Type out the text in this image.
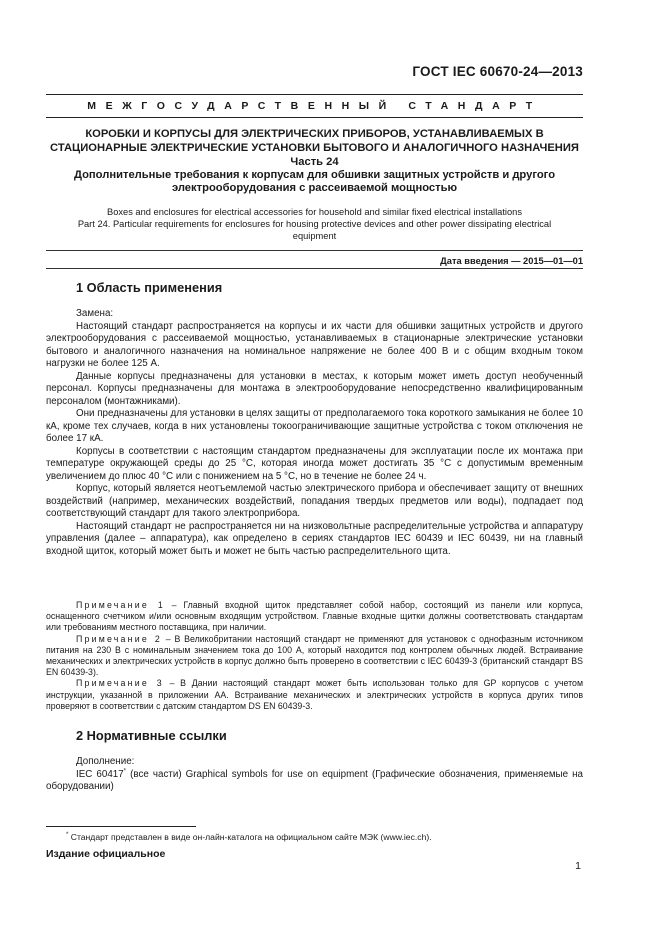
ГОСТ IEC 60670-24—2013
МЕЖГОСУДАРСТВЕННЫЙ СТАНДАРТ
КОРОБКИ И КОРПУСЫ ДЛЯ ЭЛЕКТРИЧЕСКИХ ПРИБОРОВ, УСТАНАВЛИВАЕМЫХ В
СТАЦИОНАРНЫЕ ЭЛЕКТРИЧЕСКИЕ УСТАНОВКИ БЫТОВОГО И АНАЛОГИЧНОГО НАЗНАЧЕНИЯ
Часть 24
Дополнительные требования к корпусам для обшивки защитных устройств и другого
электрооборудования с рассеиваемой мощностью
Boxes and enclosures for electrical accessories for household and similar fixed electrical installations
Part 24. Particular requirements for enclosures for housing protective devices and other power dissipating electrical
equipment
Дата введения — 2015—01—01
1 Область применения

Замена:

Настоящий стандарт распространяется на корпусы и их части для обшивки защитных устройств и другого электрооборудования с рассеиваемой мощностью, устанавливаемых в стационарные электрические установки бытового и аналогичного назначения на номинальное напряжение не более 400 В и с общим входным током нагрузки не более 125 А.

Данные корпусы предназначены для установки в местах, к которым может иметь доступ необученный персонал. Корпусы предназначены для монтажа в электрооборудование непосредственно квалифицированным персоналом (монтажниками).

Они предназначены для установки в целях защиты от предполагаемого тока короткого замыкания не более 10 кА, кроме тех случаев, когда в них установлены токоограничивающие защитные устройства с током отключения не более 17 кА.

Корпусы в соответствии с настоящим стандартом предназначены для эксплуатации после их монтажа при температуре окружающей среды до 25 °С, которая иногда может достигать 35 °С с допустимым временным увеличением до плюс 40 °С или с понижением на 5 °С, но в течение не более 24 ч.

Корпус, который является неотъемлемой частью электрического прибора и обеспечивает защиту от внешних воздействий (например, механических воздействий, попадания твердых предметов или воды), подпадает под соответствующий стандарт для такого электроприбора.

Настоящий стандарт не распространяется ни на низковольтные распределительные устройства и аппаратуру управления (далее – аппаратура), как определено в сериях стандартов IEC 60439 и IEC 60439, ни на главный входной щиток, который может быть и может не быть частью распределительного щита.

Примечание 1 – Главный входной щиток представляет собой набор, состоящий из панели или корпуса, оснащенного счетчиком и/или основным входящим устройством. Главные входные щитки должны соответствовать стандартам или требованиям местного поставщика, при наличии.

Примечание 2 – В Великобритании настоящий стандарт не применяют для установок с однофазным источником питания на 230 В с номинальным значением тока до 100 А, который находится под контролем обычных людей. Встраивание механических и электрических устройств в корпус должно быть проверено в соответствии с IEC 60439-3 (британский стандарт BS EN 60439-3).

Примечание 3 – В Дании настоящий стандарт может быть использован только для GP корпусов с учетом инструкции, указанной в приложении АА. Встраивание механических и электрических устройств в корпуса других типов проверяют в соответствии с датским стандартом DS EN 60439-3.

2 Нормативные ссылки

Дополнение:

IEC 60417* (все части) Graphical symbols for use on equipment (Графические обозначения, применяемые на оборудовании)

* Стандарт представлен в виде он-лайн-каталога на официальном сайте МЭК (www.iec.ch).
Издание официальное
1
